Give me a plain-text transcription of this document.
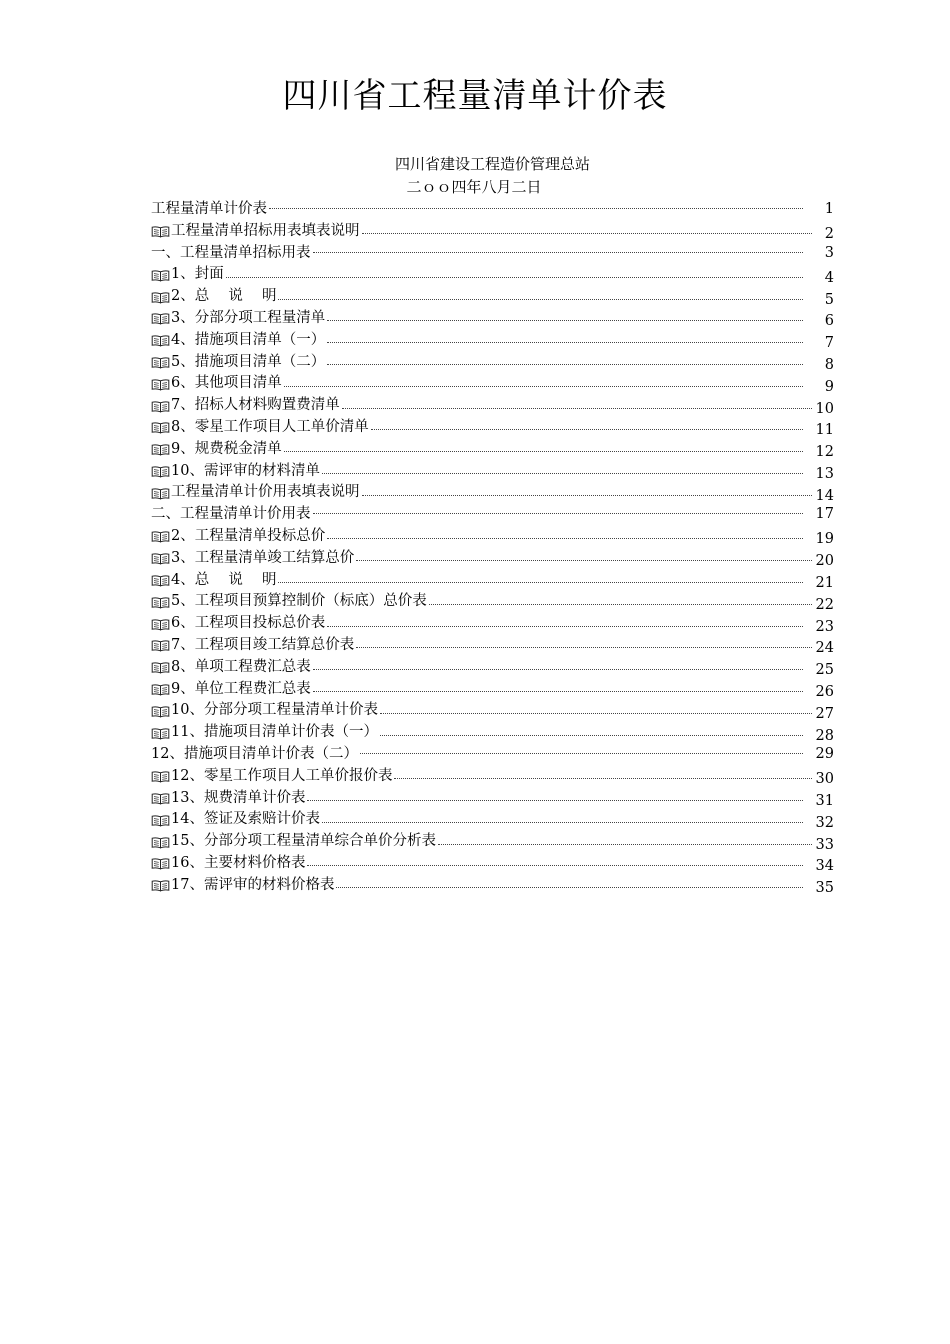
四川省工程量清单计价表
四川省建设工程造价管理总站
二ｏｏ四年八月二日
工程量清单计价表	1
工程量清单招标用表填表说明	2
一、工程量清单招标用表	3
1、封面	4
2、总　 说 　明	5
3、分部分项工程量清单	6
4、措施项目清单（一）	7
5、措施项目清单（二）	8
6、其他项目清单	9
7、招标人材料购置费清单	10
8、零星工作项目人工单价清单	11
9、规费税金清单	12
10、需评审的材料清单	13
工程量清单计价用表填表说明	14
二、工程量清单计价用表	17
2、工程量清单投标总价	19
3、工程量清单竣工结算总价	20
4、总　 说 　明	21
5、工程项目预算控制价（标底）总价表	22
6、工程项目投标总价表	23
7、工程项目竣工结算总价表	24
8、单项工程费汇总表	25
9、单位工程费汇总表	26
10、分部分项工程量清单计价表	27
11、措施项目清单计价表（一）	28
12、措施项目清单计价表（二）	29
12、零星工作项目人工单价报价表	30
13、规费清单计价表	31
14、签证及索赔计价表	32
15、分部分项工程量清单综合单价分析表	33
16、主要材料价格表	34
17、需评审的材料价格表	35
